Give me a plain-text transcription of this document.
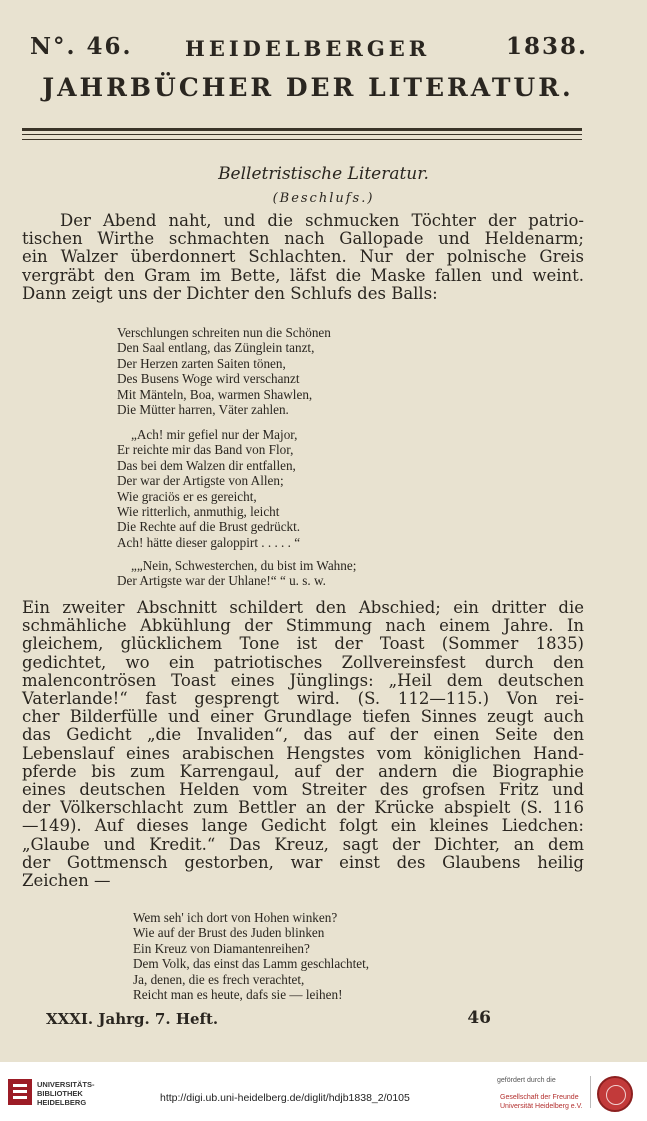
N°. 46. HEIDELBERGER	1838.
JAHRBÜCHER DER LITERATUR.
Belletristische Literatur.
(Beschlufs.)
Der Abend naht, und die schmucken Töchter der patrio-
tischen Wirthe schmachten nach Gallopade und Heldenarm;
ein Walzer überdonnert Schlachten. Nur der polnische Greis
vergräbt den Gram im Bette, läfst die Maske fallen und weint.
Dann zeigt uns der Dichter den Schlufs des Balls:
Verschlungen schreiten nun die Schönen
Den Saal entlang, das Zünglein tanzt,
Der Herzen zarten Saiten tönen,
Des Busens Woge wird verschanzt
Mit Mänteln, Boa, warmen Shawlen,
Die Mütter harren, Väter zahlen.
„Ach! mir gefiel nur der Major,
Er reichte mir das Band von Flor,
Das bei dem Walzen dir entfallen,
Der war der Artigste von Allen;
Wie graciös er es gereicht,
Wie ritterlich, anmuthig, leicht
Die Rechte auf die Brust gedrückt.
Ach! hätte dieser galoppirt . . . . . “
„„Nein, Schwesterchen, du bist im Wahne;
Der Artigste war der Uhlane!“ “ u. s. w.
Ein zweiter Abschnitt schildert den Abschied; ein dritter die
schmähliche Abkühlung der Stimmung nach einem Jahre. In
gleichem, glücklichem Tone ist der Toast (Sommer 1835)
gedichtet, wo ein patriotisches Zollvereinsfest durch den
malencontrösen Toast eines Jünglings: „Heil dem deutschen
Vaterlande!“ fast gesprengt wird. (S. 112—115.) Von rei-
cher Bilderfülle und einer Grundlage tiefen Sinnes zeugt auch
das Gedicht „die Invaliden“, das auf der einen Seite den
Lebenslauf eines arabischen Hengstes vom königlichen Hand-
pferde bis zum Karrengaul, auf der andern die Biographie
eines deutschen Helden vom Streiter des grofsen Fritz und
der Völkerschlacht zum Bettler an der Krücke abspielt (S. 116
—149). Auf dieses lange Gedicht folgt ein kleines Liedchen:
„Glaube und Kredit.“ Das Kreuz, sagt der Dichter, an dem
der Gottmensch gestorben, war einst des Glaubens heilig
Zeichen —
Wem seh' ich dort von Hohen winken?
Wie auf der Brust des Juden blinken
Ein Kreuz von Diamantenreihen?
Dem Volk, das einst das Lamm geschlachtet,
Ja, denen, die es frech verachtet,
Reicht man es heute, dafs sie — leihen!
XXXI. Jahrg. 7. Heft.	46
UNIVERSITÄTS-
BIBLIOTHEK
HEIDELBERG	http://digi.ub.uni-heidelberg.de/diglit/hdjb1838_2/0105
gefördert durch die
Gesellschaft der Freunde
Universität Heidelberg e.V.
